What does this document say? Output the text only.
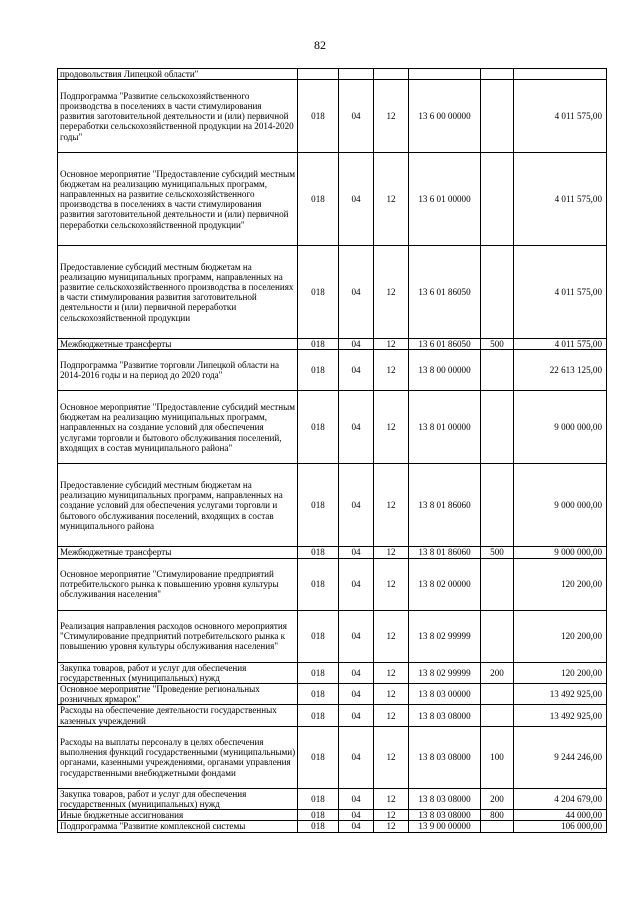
82
продовольствия Липецкой области"						
Подпрограмма "Развитие сельскохозяйственного производства в поселениях в части стимулирования развития заготовительной деятельности и (или) первичной переработки сельскохозяйственной продукции на 2014-2020 годы"	018	04	12	13 6 00 00000		4 011 575,00
Основное мероприятие "Предоставление субсидий местным бюджетам на реализацию муниципальных программ, направленных на развитие сельскохозяйственного производства в поселениях в части стимулирования развития заготовительной деятельности и (или) первичной переработки сельскохозяйственной продукции"	018	04	12	13 6 01 00000		4 011 575,00
Предоставление субсидий местным бюджетам на реализацию муниципальных программ, направленных на развитие сельскохозяйственного производства в поселениях в части стимулирования развития заготовительной деятельности и (или) первичной переработки сельскохозяйственной продукции	018	04	12	13 6 01 86050		4 011 575,00
Межбюджетные трансферты	018	04	12	13 6 01 86050	500	4 011 575,00
Подпрограмма "Развитие торговли Липецкой области на 2014-2016 годы и на период до 2020 года"	018	04	12	13 8 00 00000		22 613 125,00
Основное мероприятие "Предоставление субсидий местным бюджетам на реализацию муниципальных программ, направленных на создание условий для обеспечения услугами торговли и бытового обслуживания поселений, входящих в состав муниципального района"	018	04	12	13 8 01 00000		9 000 000,00
Предоставление субсидий местным бюджетам на реализацию муниципальных программ, направленных на создание условий для обеспечения услугами торговли и бытового обслуживания поселений, входящих в состав муниципального района	018	04	12	13 8 01 86060		9 000 000,00
Межбюджетные трансферты	018	04	12	13 8 01 86060	500	9 000 000,00
Основное мероприятие "Стимулирование предприятий потребительского рынка к повышению уровня культуры обслуживания населения"	018	04	12	13 8 02 00000		120 200,00
Реализация направления расходов основного мероприятия "Стимулирование предприятий потребительского рынка к повышению уровня культуры обслуживания населения"	018	04	12	13 8 02 99999		120 200,00
Закупка товаров, работ и услуг для обеспечения государственных (муниципальных) нужд	018	04	12	13 8 02 99999	200	120 200,00
Основное мероприятие "Проведение региональных розничных ярмарок"	018	04	12	13 8 03 00000		13 492 925,00
Расходы на обеспечение деятельности государственных казенных учреждений	018	04	12	13 8 03 08000		13 492 925,00
Расходы на выплаты персоналу в целях обеспечения выполнения функций государственными (муниципальными) органами, казенными учреждениями, органами управления государственными внебюджетными фондами	018	04	12	13 8 03 08000	100	9 244 246,00
Закупка товаров, работ и услуг для обеспечения государственных (муниципальных) нужд	018	04	12	13 8 03 08000	200	4 204 679,00
Иные бюджетные ассигнования	018	04	12	13 8 03 08000	800	44 000,00
Подпрограмма "Развитие комплексной системы	018	04	12	13 9 00 00000		106 000,00
